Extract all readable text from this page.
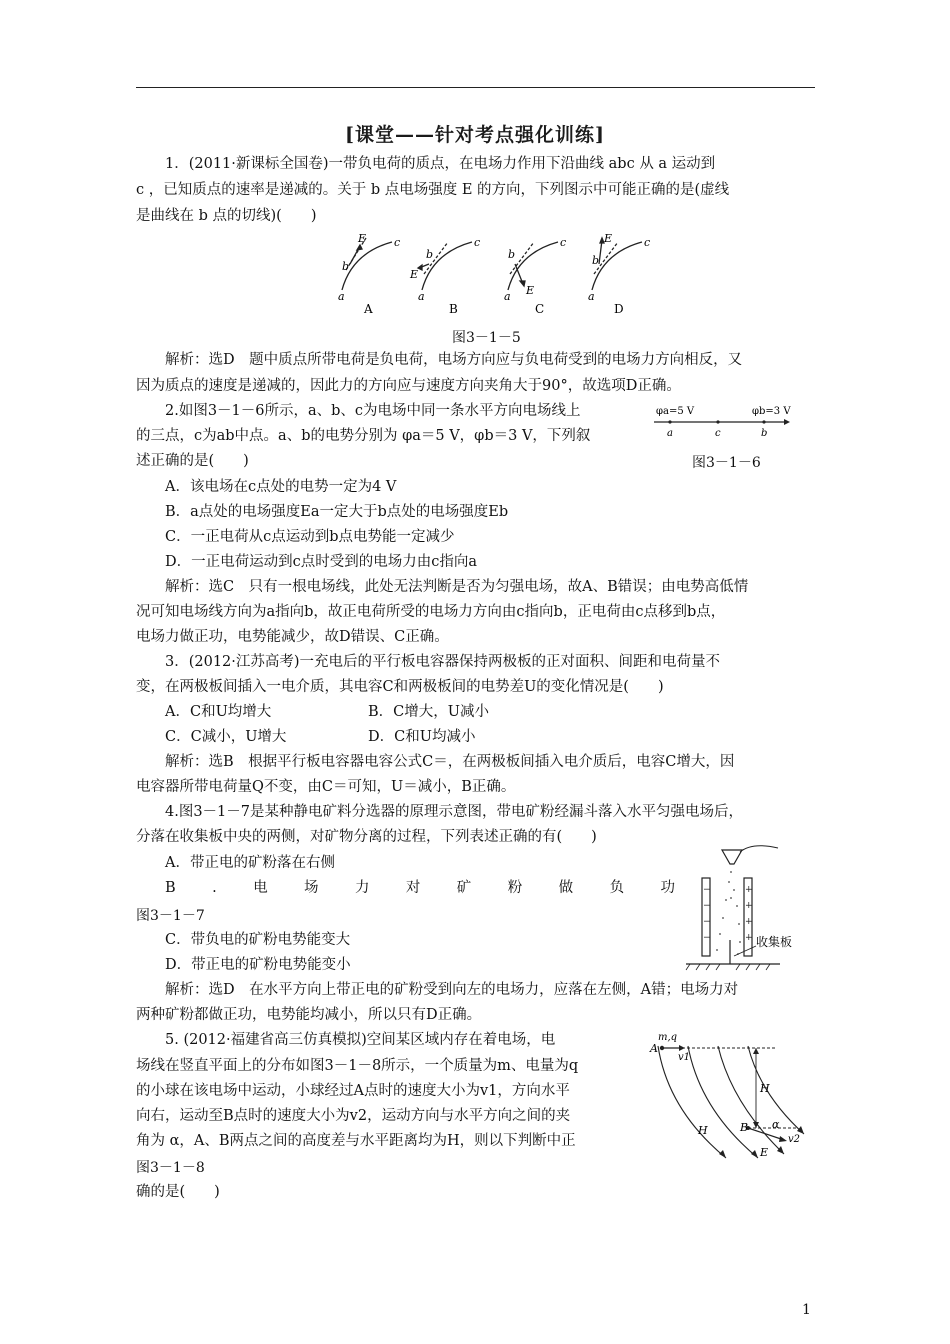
[课堂——针对考点强化训练]
1．(2011·新课标全国卷)一带负电荷的质点，在电场力作用下沿曲线 abc 从 a 运动到
c ，已知质点的速率是递减的。关于 b 点电场强度 E 的方向，下列图示中可能正确的是(虚线
是曲线在 b 点的切线)(　　)
a
b
c
E
A
a
b
c
E
B
a
b
c
E
C
a
b
c
E
D
图3－1－5
解析：选D　题中质点所带电荷是负电荷，电场方向应与负电荷受到的电场力方向相反，又
因为质点的速度是递减的，因此力的方向应与速度方向夹角大于90°，故选项D正确。
2.如图3－1－6所示，a、b、c为电场中同一条水平方向电场线上
的三点，c为ab中点。a、b的电势分别为 φa＝5 V，φb＝3 V，下列叙
述正确的是(　　)
φa=5 V	φb=3 V
a	c	b
图3－1－6
A．该电场在c点处的电势一定为4 V
B．a点处的电场强度Ea一定大于b点处的电场强度Eb
C．一正电荷从c点运动到b点电势能一定减少
D．一正电荷运动到c点时受到的电场力由c指向a
解析：选C　只有一根电场线，此处无法判断是否为匀强电场，故A、B错误；由电势高低情
况可知电场线方向为a指向b，故正电荷所受的电场力方向由c指向b，正电荷由c点移到b点，
电场力做正功，电势能减少，故D错误、C正确。
3．(2012·江苏高考)一充电后的平行板电容器保持两极板的正对面积、间距和电荷量不
变，在两极板间插入一电介质，其电容C和两极板间的电势差U的变化情况是(　　)
A．C和U均增大	B．C增大，U减小
C．C减小，U增大	D．C和U均减小
解析：选B　根据平行板电容器电容公式C＝，在两极板间插入电介质后，电容C增大，因
电容器所带电荷量Q不变，由C＝可知，U＝减小，B正确。
4.图3－1－7是某种静电矿料分选器的原理示意图，带电矿粉经漏斗落入水平匀强电场后，
分落在收集板中央的两侧，对矿物分离的过程，下列表述正确的有(　　)
A．带正电的矿粉落在右侧
B	.	电	场	力	对	矿	粉	做	负	功
图3－1－7
C．带负电的矿粉电势能变大
D．带正电的矿粉电势能变小
−
−
−
−
+
+
+
+ 收集板
解析：选D　在水平方向上带正电的矿粉受到向左的电场力，应落在左侧，A错；电场力对
两种矿粉都做正功，电势能均减小，所以只有D正确。
5. (2012·福建省高三仿真模拟)空间某区域内存在着电场，电
场线在竖直平面上的分布如图3－1－8所示，一个质量为m、电量为q
的小球在该电场中运动，小球经过A点时的速度大小为v1，方向水平
向右，运动至B点时的速度大小为v2，运动方向与水平方向之间的夹
角为 α，A、B两点之间的高度差与水平距离均为H，则以下判断中正
图3－1－8
确的是(　　)
m,q
A
v1
H
H	B α
v2
E
1
